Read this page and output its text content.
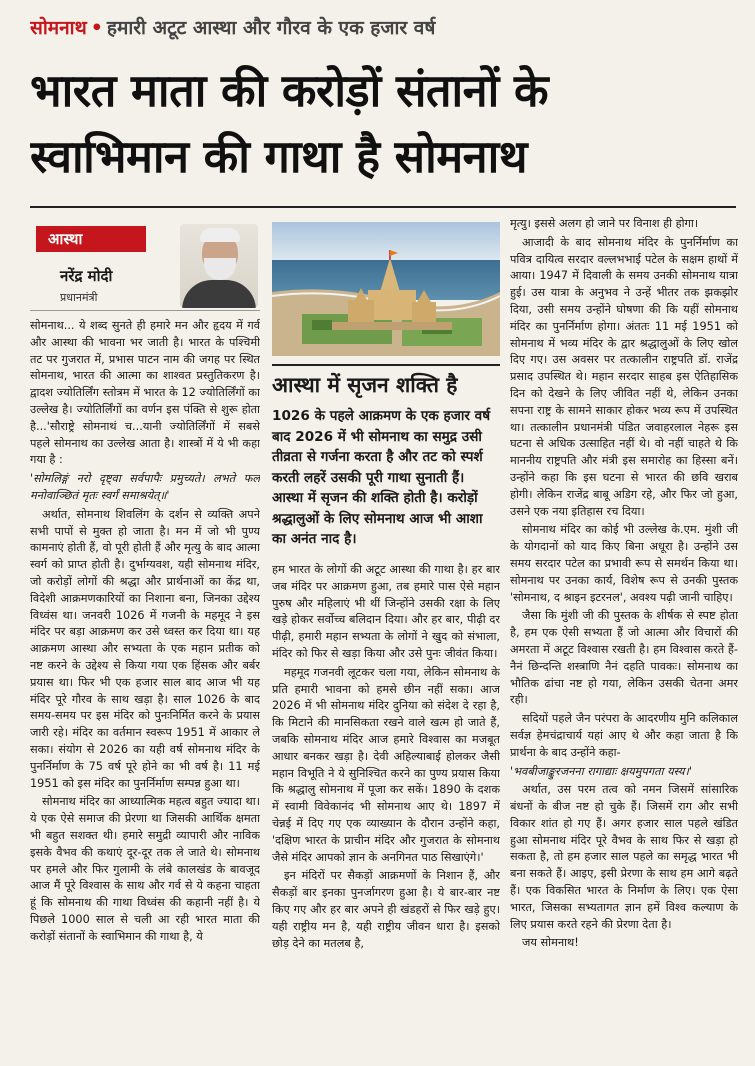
सोमनाथ • हमारी अटूट आस्था और गौरव के एक हजार वर्ष
भारत माता की करोड़ों संतानों के
स्वाभिमान की गाथा है सोमनाथ
आस्था
नरेंद्र मोदी
प्रधानमंत्री

सोमनाथ... ये शब्द सुनते ही हमारे मन और हृदय में गर्व और आस्था की भावना भर जाती है। भारत के पश्चिमी तट पर गुजरात में, प्रभास पाटन नाम की जगह पर स्थित सोमनाथ, भारत की आत्मा का शाश्वत प्रस्तुतिकरण है। द्वादश ज्योतिर्लिंग स्तोत्रम में भारत के 12 ज्योतिर्लिंगों का उल्लेख है। ज्योतिर्लिंगों का वर्णन इस पंक्ति से शुरू होता है...'सौराष्ट्रे सोमनाथं च...यानी ज्योतिर्लिंगों में सबसे पहले सोमनाथ का उल्लेख आता है। शास्त्रों में ये भी कहा गया है :

'सोमलिङ्गं नरो दृष्ट्वा सर्वपापैः प्रमुच्यते। लभते फलं मनोवाञ्छितं मृतः स्वर्गं समाश्रयेत्॥'

अर्थात, सोमनाथ शिवलिंग के दर्शन से व्यक्ति अपने सभी पापों से मुक्त हो जाता है। मन में जो भी पुण्य कामनाएं होती हैं, वो पूरी होती हैं और मृत्यु के बाद आत्मा स्वर्ग को प्राप्त होती है। दुर्भाग्यवश, यही सोमनाथ मंदिर, जो करोड़ों लोगों की श्रद्धा और प्रार्थनाओं का केंद्र था, विदेशी आक्रमणकारियों का निशाना बना, जिनका उद्देश्य विध्वंस था। जनवरी 1026 में गजनी के महमूद ने इस मंदिर पर बड़ा आक्रमण कर उसे ध्वस्त कर दिया था। यह आक्रमण आस्था और सभ्यता के एक महान प्रतीक को नष्ट करने के उद्देश्य से किया गया एक हिंसक और बर्बर प्रयास था। फिर भी एक हजार साल बाद आज भी यह मंदिर पूरे गौरव के साथ खड़ा है। साल 1026 के बाद समय-समय पर इस मंदिर को पुनःनिर्मित करने के प्रयास जारी रहे। मंदिर का वर्तमान स्वरूप 1951 में आकार ले सका। संयोग से 2026 का यही वर्ष सोमनाथ मंदिर के पुनर्निर्माण के 75 वर्ष पूरे होने का भी वर्ष है। 11 मई 1951 को इस मंदिर का पुनर्निर्माण सम्पन्न हुआ था।

सोमनाथ मंदिर का आध्यात्मिक महत्व बहुत ज्यादा था। ये एक ऐसे समाज की प्रेरणा था जिसकी आर्थिक क्षमता भी बहुत सशक्त थी। हमारे समुद्री व्यापारी और नाविक इसके वैभव की कथाएं दूर-दूर तक ले जाते थे। सोमनाथ पर हमले और फिर गुलामी के लंबे कालखंड के बावजूद आज मैं पूरे विश्वास के साथ और गर्व से ये कहना चाहता हूं कि सोमनाथ की गाथा विध्वंस की कहानी नहीं है। ये पिछले 1000 साल से चली आ रही भारत माता की करोड़ों संतानों के स्वाभिमान की गाथा है, ये

आस्था में सृजन शक्ति है
1026 के पहले आक्रमण के एक हजार वर्ष बाद 2026 में भी सोमनाथ का समुद्र उसी तीव्रता से गर्जना करता है और तट को स्पर्श करती लहरें उसकी पूरी गाथा सुनाती हैं। आस्था में सृजन की शक्ति होती है। करोड़ों श्रद्धालुओं के लिए सोमनाथ आज भी आशा का अनंत नाद है।

हम भारत के लोगों की अटूट आस्था की गाथा है। हर बार जब मंदिर पर आक्रमण हुआ, तब हमारे पास ऐसे महान पुरुष और महिलाएं भी थीं जिन्होंने उसकी रक्षा के लिए खड़े होकर सर्वोच्च बलिदान दिया। और हर बार, पीढ़ी दर पीढ़ी, हमारी महान सभ्यता के लोगों ने खुद को संभाला, मंदिर को फिर से खड़ा किया और उसे पुनः जीवंत किया।

महमूद गजनवी लूटकर चला गया, लेकिन सोमनाथ के प्रति हमारी भावना को हमसे छीन नहीं सका। आज 2026 में भी सोमनाथ मंदिर दुनिया को संदेश दे रहा है, कि मिटाने की मानसिकता रखने वाले खत्म हो जाते हैं, जबकि सोमनाथ मंदिर आज हमारे विश्वास का मजबूत आधार बनकर खड़ा है। देवी अहिल्याबाई होलकर जैसी महान विभूति ने ये सुनिश्चित करने का पुण्य प्रयास किया कि श्रद्धालु सोमनाथ में पूजा कर सकें। 1890 के दशक में स्वामी विवेकानंद भी सोमनाथ आए थे। 1897 में चेन्नई में दिए गए एक व्याख्यान के दौरान उन्होंने कहा, 'दक्षिण भारत के प्राचीन मंदिर और गुजरात के सोमनाथ जैसे मंदिर आपको ज्ञान के अनगिनत पाठ सिखाएंगे।'

इन मंदिरों पर सैकड़ों आक्रमणों के निशान हैं, और सैकड़ों बार इनका पुनर्जागरण हुआ है। ये बार-बार नष्ट किए गए और हर बार अपने ही खंडहरों से फिर खड़े हुए। यही राष्ट्रीय मन है, यही राष्ट्रीय जीवन धारा है। इसको छोड़ देने का मतलब है,

मृत्यु। इससे अलग हो जाने पर विनाश ही होगा।

आजादी के बाद सोमनाथ मंदिर के पुनर्निर्माण का पवित्र दायित्व सरदार वल्लभभाई पटेल के सक्षम हाथों में आया। 1947 में दिवाली के समय उनकी सोमनाथ यात्रा हुई। उस यात्रा के अनुभव ने उन्हें भीतर तक झकझोर दिया, उसी समय उन्होंने घोषणा की कि यहीं सोमनाथ मंदिर का पुनर्निर्माण होगा। अंततः 11 मई 1951 को सोमनाथ में भव्य मंदिर के द्वार श्रद्धालुओं के लिए खोल दिए गए। उस अवसर पर तत्कालीन राष्ट्रपति डॉ. राजेंद्र प्रसाद उपस्थित थे। महान सरदार साहब इस ऐतिहासिक दिन को देखने के लिए जीवित नहीं थे, लेकिन उनका सपना राष्ट्र के सामने साकार होकर भव्य रूप में उपस्थित था। तत्कालीन प्रधानमंत्री पंडित जवाहरलाल नेहरू इस घटना से अधिक उत्साहित नहीं थे। वो नहीं चाहते थे कि माननीय राष्ट्रपति और मंत्री इस समारोह का हिस्सा बनें। उन्होंने कहा कि इस घटना से भारत की छवि खराब होगी। लेकिन राजेंद्र बाबू अडिग रहे, और फिर जो हुआ, उसने एक नया इतिहास रच दिया।

सोमनाथ मंदिर का कोई भी उल्लेख के.एम. मुंशी जी के योगदानों को याद किए बिना अधूरा है। उन्होंने उस समय सरदार पटेल का प्रभावी रूप से समर्थन किया था। सोमनाथ पर उनका कार्य, विशेष रूप से उनकी पुस्तक 'सोमनाथ, द श्राइन इटरनल', अवश्य पढ़ी जानी चाहिए।

जैसा कि मुंशी जी की पुस्तक के शीर्षक से स्पष्ट होता है, हम एक ऐसी सभ्यता हैं जो आत्मा और विचारों की अमरता में अटूट विश्वास रखती है। हम विश्वास करते हैं- नैनं छिन्दन्ति शस्त्राणि नैनं दहति पावकः। सोमनाथ का भौतिक ढांचा नष्ट हो गया, लेकिन उसकी चेतना अमर रही।

सदियों पहले जैन परंपरा के आदरणीय मुनि कलिकाल सर्वज्ञ हेमचंद्राचार्य यहां आए थे और कहा जाता है कि प्रार्थना के बाद उन्होंने कहा-

'भवबीजाङ्कुरजनना रागाद्याः क्षयमुपगता यस्य।'

अर्थात, उस परम तत्व को नमन जिसमें सांसारिक बंधनों के बीज नष्ट हो चुके हैं। जिसमें राग और सभी विकार शांत हो गए हैं। अगर हजार साल पहले खंडित हुआ सोमनाथ मंदिर पूरे वैभव के साथ फिर से खड़ा हो सकता है, तो हम हजार साल पहले का समृद्ध भारत भी बना सकते हैं। आइए, इसी प्रेरणा के साथ हम आगे बढ़ते हैं। एक विकसित भारत के निर्माण के लिए। एक ऐसा भारत, जिसका सभ्यतागत ज्ञान हमें विश्व कल्याण के लिए प्रयास करते रहने की प्रेरणा देता है।

जय सोमनाथ!
